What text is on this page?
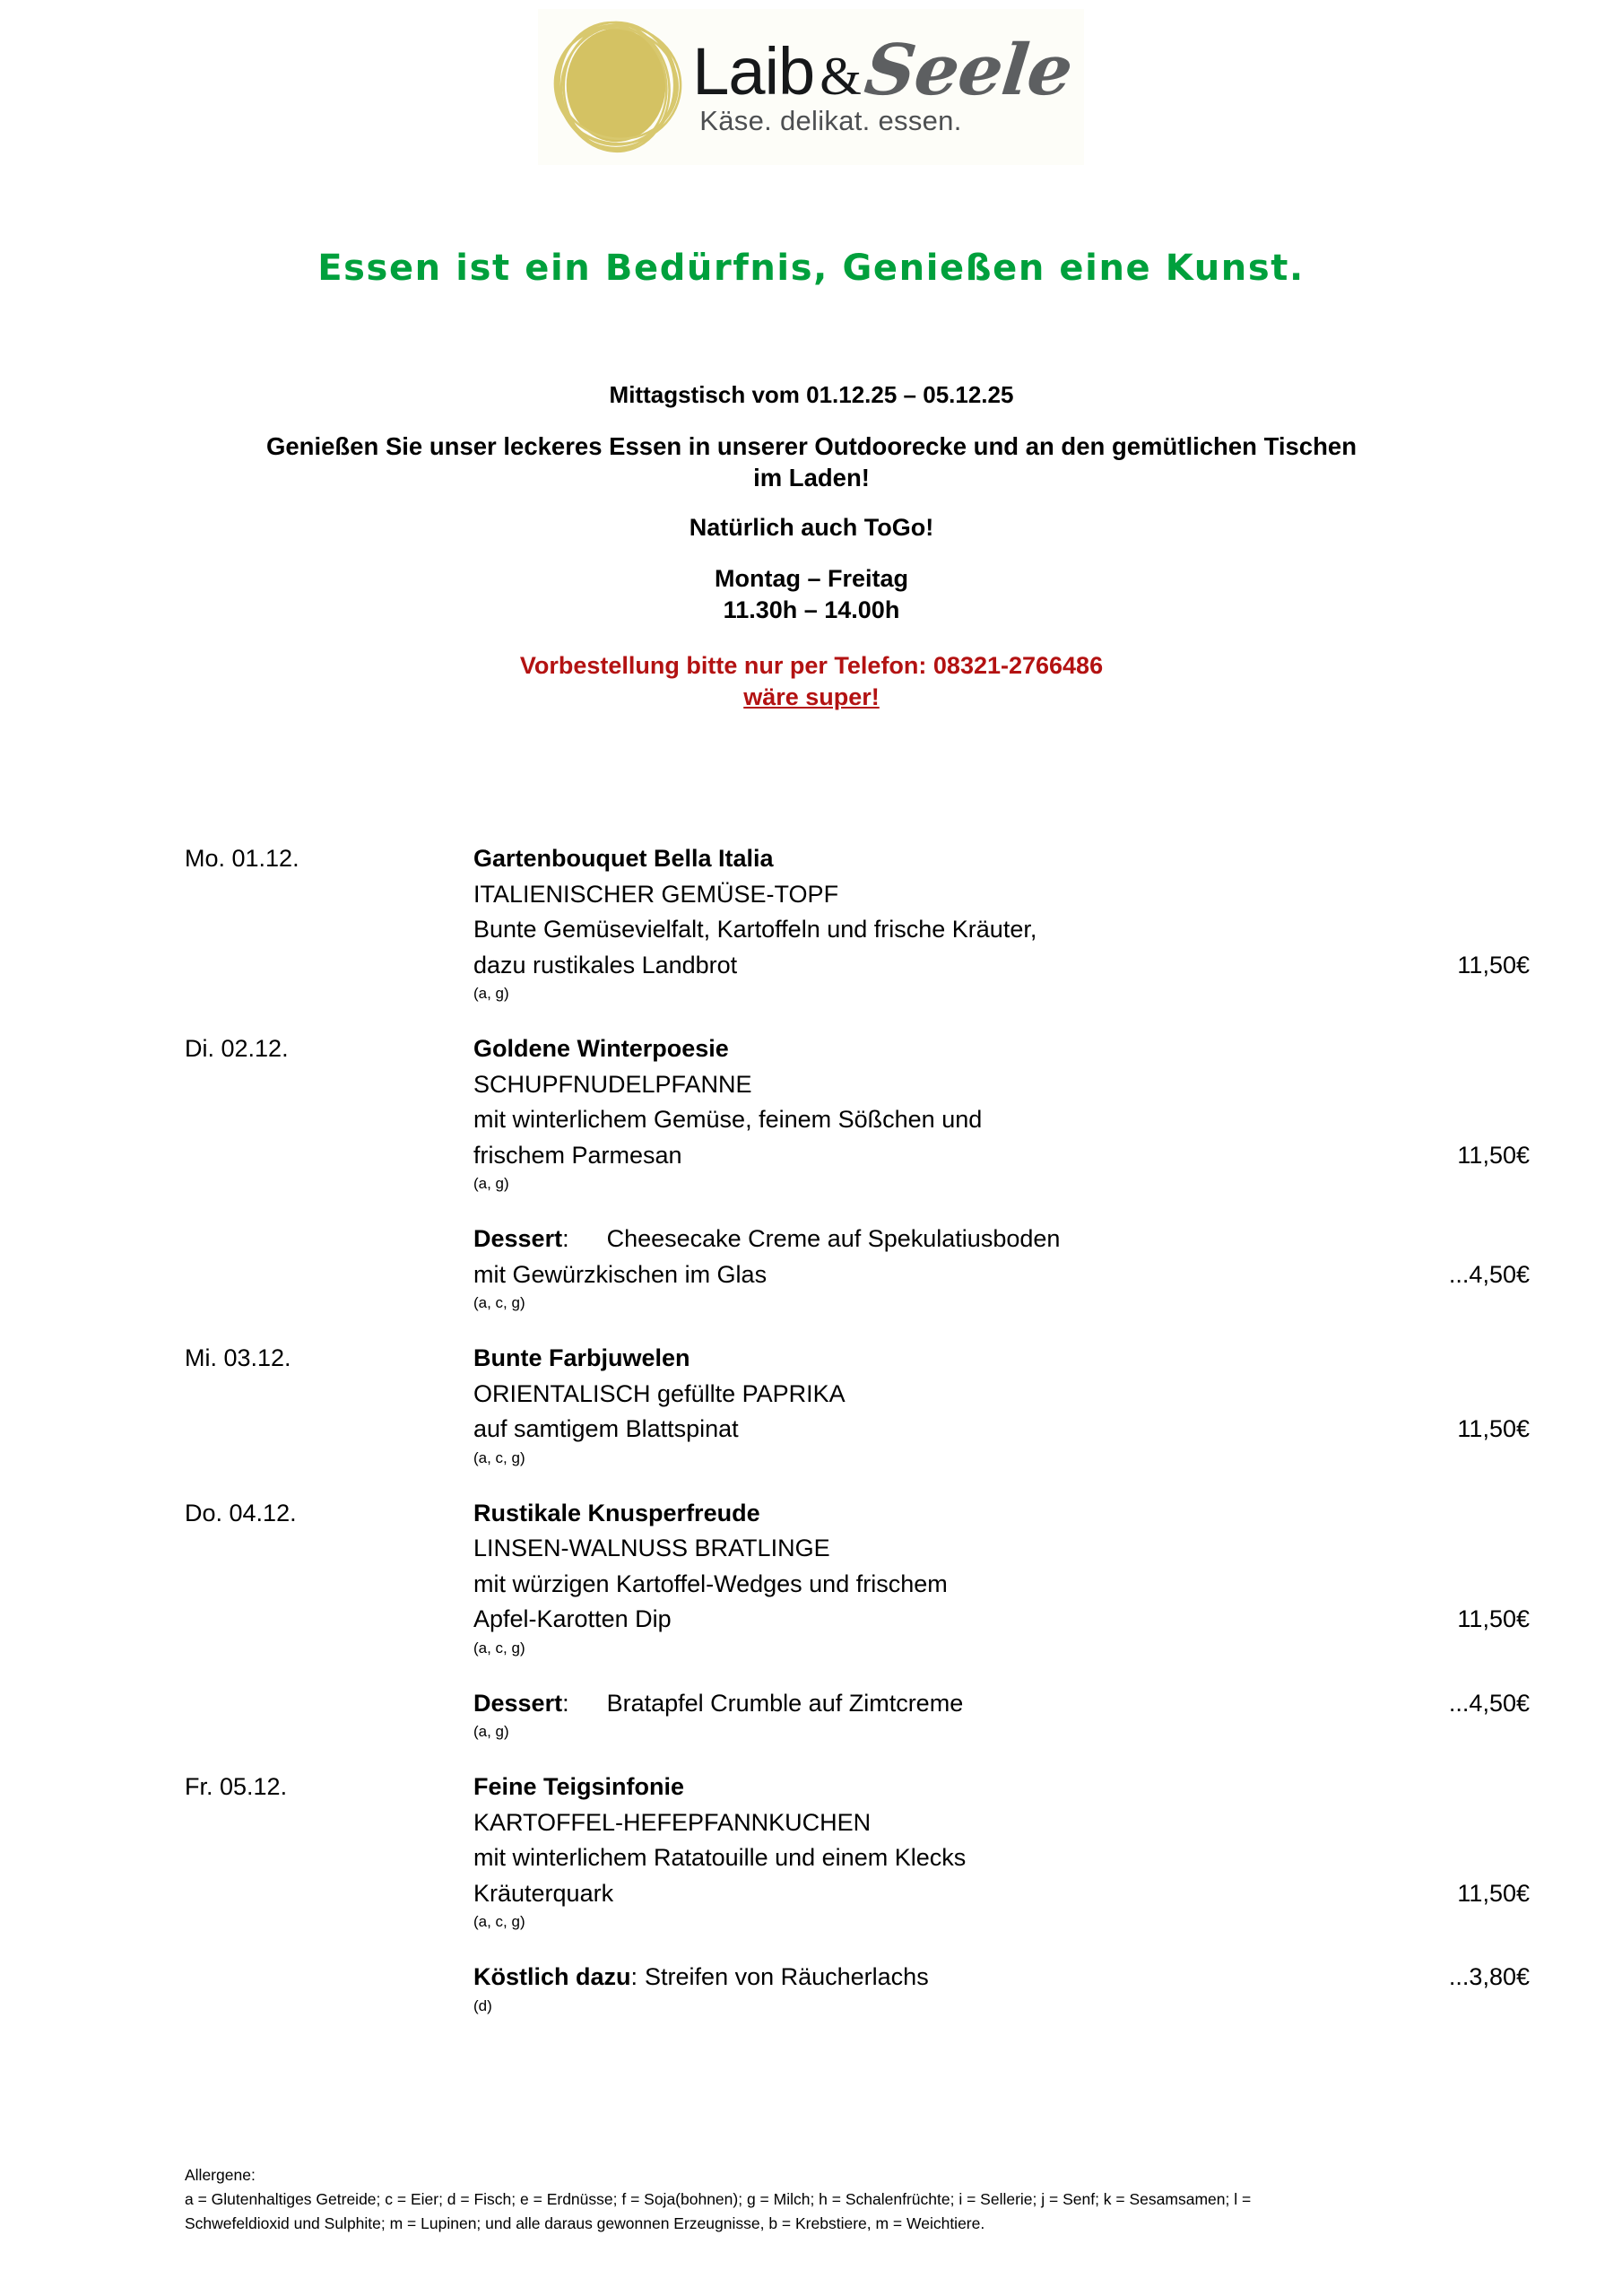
Laib & Seele
Käse. delikat. essen.
Essen ist ein Bedürfnis, Genießen eine Kunst.

Mittagstisch vom 01.12.25 – 05.12.25

Genießen Sie unser leckeres Essen in unserer Outdoorecke und an den gemütlichen Tischen

im Laden!

Natürlich auch ToGo!

Montag – Freitag

11.30h – 14.00h

Vorbestellung bitte nur per Telefon: 08321-2766486

wäre super!

Mo. 01.12.	Gartenbouquet Bella Italia
ITALIENISCHER GEMÜSE-TOPF
Bunte Gemüsevielfalt, Kartoffeln und frische Kräuter,
dazu rustikales Landbrot	11,50€
(a, g)
Di. 02.12.	Goldene Winterpoesie
SCHUPFNUDELPFANNE
mit winterlichem Gemüse, feinem Sößchen und
frischem Parmesan	11,50€
(a, g)
Dessert: Cheesecake Creme auf Spekulatiusboden
mit Gewürzkischen im Glas	...4,50€
(a, c, g)
Mi. 03.12.	Bunte Farbjuwelen
ORIENTALISCH gefüllte PAPRIKA
auf samtigem Blattspinat	11,50€
(a, c, g)
Do. 04.12.	Rustikale Knusperfreude
LINSEN-WALNUSS BRATLINGE
mit würzigen Kartoffel-Wedges und frischem
Apfel-Karotten Dip	11,50€
(a, c, g)
Dessert: Bratapfel Crumble auf Zimtcreme	...4,50€
(a, g)
Fr. 05.12.	Feine Teigsinfonie
KARTOFFEL-HEFEPFANNKUCHEN
mit winterlichem Ratatouille und einem Klecks
Kräuterquark	11,50€
(a, c, g)
Köstlich dazu: Streifen von Räucherlachs	...3,80€
(d)

Allergene:

a = Glutenhaltiges Getreide; c = Eier; d = Fisch; e = Erdnüsse; f = Soja(bohnen); g = Milch; h = Schalenfrüchte; i = Sellerie; j = Senf; k = Sesamsamen; l =

Schwefeldioxid und Sulphite; m = Lupinen; und alle daraus gewonnen Erzeugnisse, b = Krebstiere, m = Weichtiere.
